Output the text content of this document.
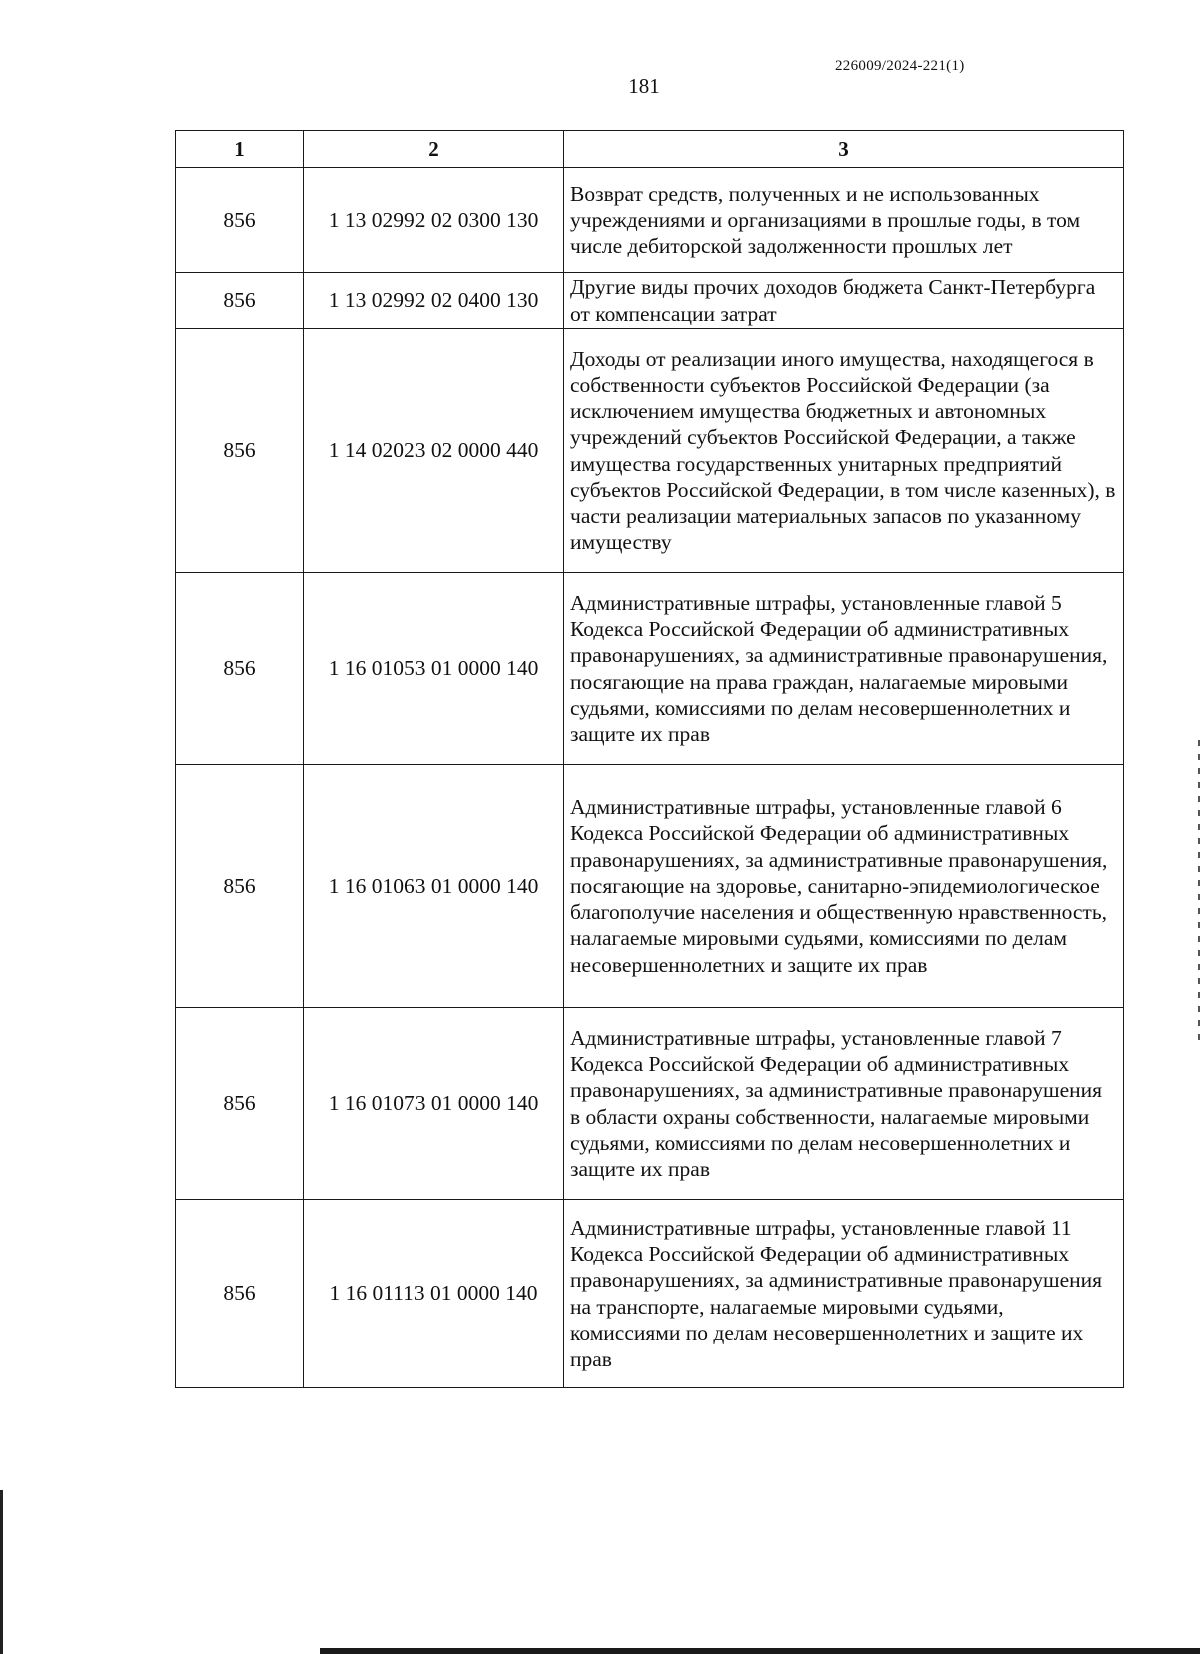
226009/2024-221(1)
181
1	2	3
856	1 13 02992 02 0300 130	Возврат средств, полученных и не использованных учреждениями и организациями в прошлые годы, в том числе дебиторской задолженности прошлых лет
856	1 13 02992 02 0400 130	Другие виды прочих доходов бюджета Санкт-Петербурга от компенсации затрат
856	1 14 02023 02 0000 440	Доходы от реализации иного имущества, находящегося в собственности субъектов Российской Федерации (за исключением имущества бюджетных и автономных учреждений субъектов Российской Федерации, а также имущества государственных унитарных предприятий субъектов Российской Федерации, в том числе казенных), в части реализации материальных запасов по указанному имуществу
856	1 16 01053 01 0000 140	Административные штрафы, установленные главой 5 Кодекса Российской Федерации об административных правонарушениях, за административные правонарушения, посягающие на права граждан, налагаемые мировыми судьями, комиссиями по делам несовершеннолетних и защите их прав
856	1 16 01063 01 0000 140	Административные штрафы, установленные главой 6 Кодекса Российской Федерации об административных правонарушениях, за административные правонарушения, посягающие на здоровье, санитарно-эпидемиологическое благополучие населения и общественную нравственность, налагаемые мировыми судьями, комиссиями по делам несовершеннолетних и защите их прав
856	1 16 01073 01 0000 140	Административные штрафы, установленные главой 7 Кодекса Российской Федерации об административных правонарушениях, за административные правонарушения в области охраны собственности, налагаемые мировыми судьями, комиссиями по делам несовершеннолетних и защите их прав
856	1 16 01113 01 0000 140	Административные штрафы, установленные главой 11 Кодекса Российской Федерации об административных правонарушениях, за административные правонарушения на транспорте, налагаемые мировыми судьями, комиссиями по делам несовершеннолетних и защите их прав
